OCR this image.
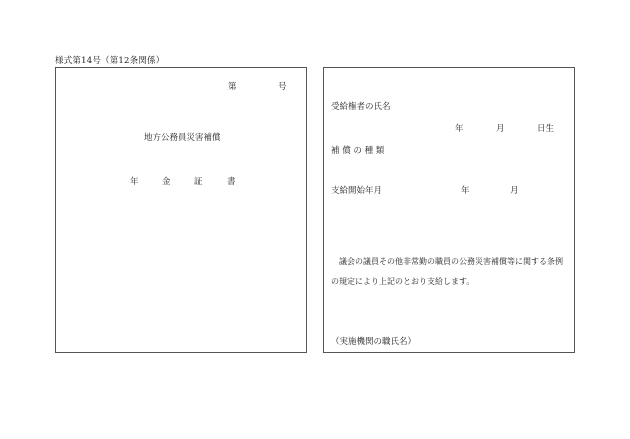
様式第14号（第12条関係）
第	号
地方公務員災害補償
年	金	証	書
受給権者の氏名
年	月	日生
補 償 の 種 類
支給開始年月	年	月
議会の議員その他非常勤の職員の公務災害補償等に関する条例
の規定により上記のとおり支給します。
（実施機関の職氏名）
